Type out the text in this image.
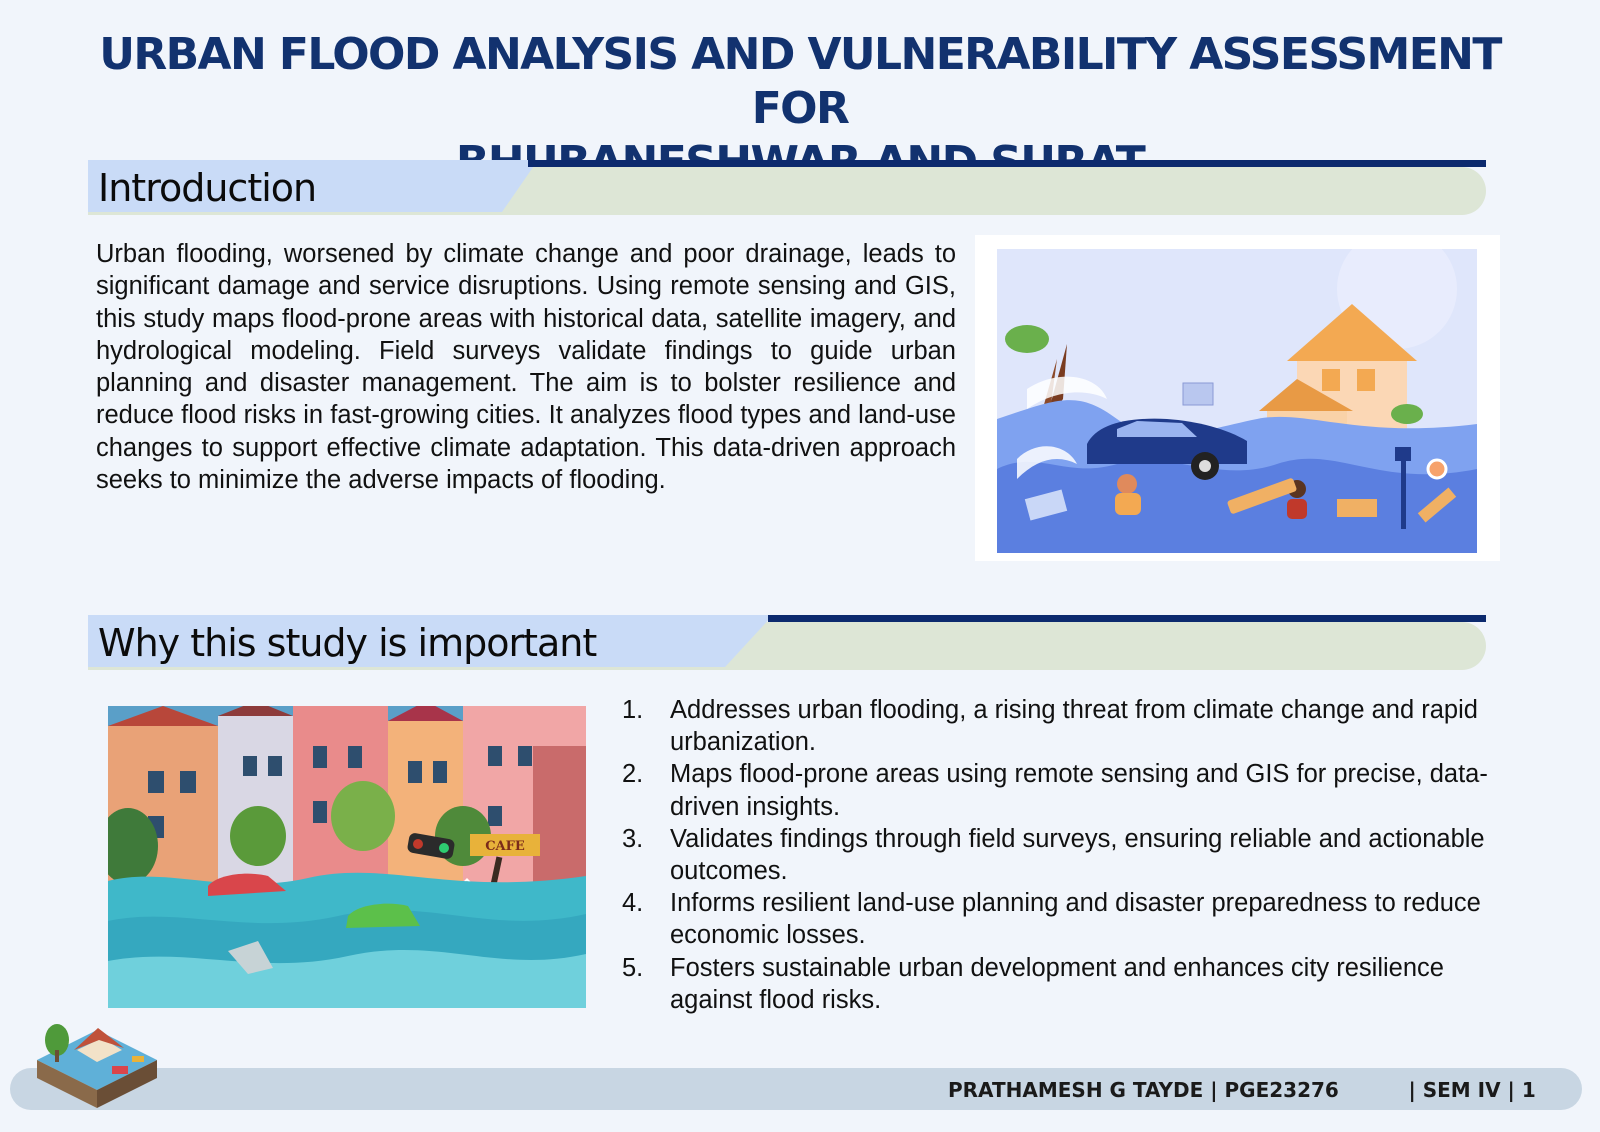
URBAN FLOOD ANALYSIS AND VULNERABILITY ASSESSMENT FOR
Introduction

Urban flooding, worsened by climate change and poor drainage, leads to significant damage and service disruptions. Using remote sensing and GIS, this study maps flood-prone areas with historical data, satellite imagery, and hydrological modeling. Field surveys validate findings to guide urban planning and disaster management. The aim is to bolster resilience and reduce flood risks in fast-growing cities. It analyzes flood types and land-use changes to support effective climate adaptation. This data-driven approach seeks to minimize the adverse impacts of flooding.

Why this study is important
CAFE
1. Addresses urban flooding, a rising threat from climate change and rapid urbanization.
2. Maps flood-prone areas using remote sensing and GIS for precise, data-driven insights.
3. Validates findings through field surveys, ensuring reliable and actionable outcomes.
4. Informs resilient land-use planning and disaster preparedness to reduce economic losses.
5. Fosters sustainable urban development and enhances city resilience against flood risks.
PRATHAMESH G TAYDE | PGE23276          | SEM IV | 1
